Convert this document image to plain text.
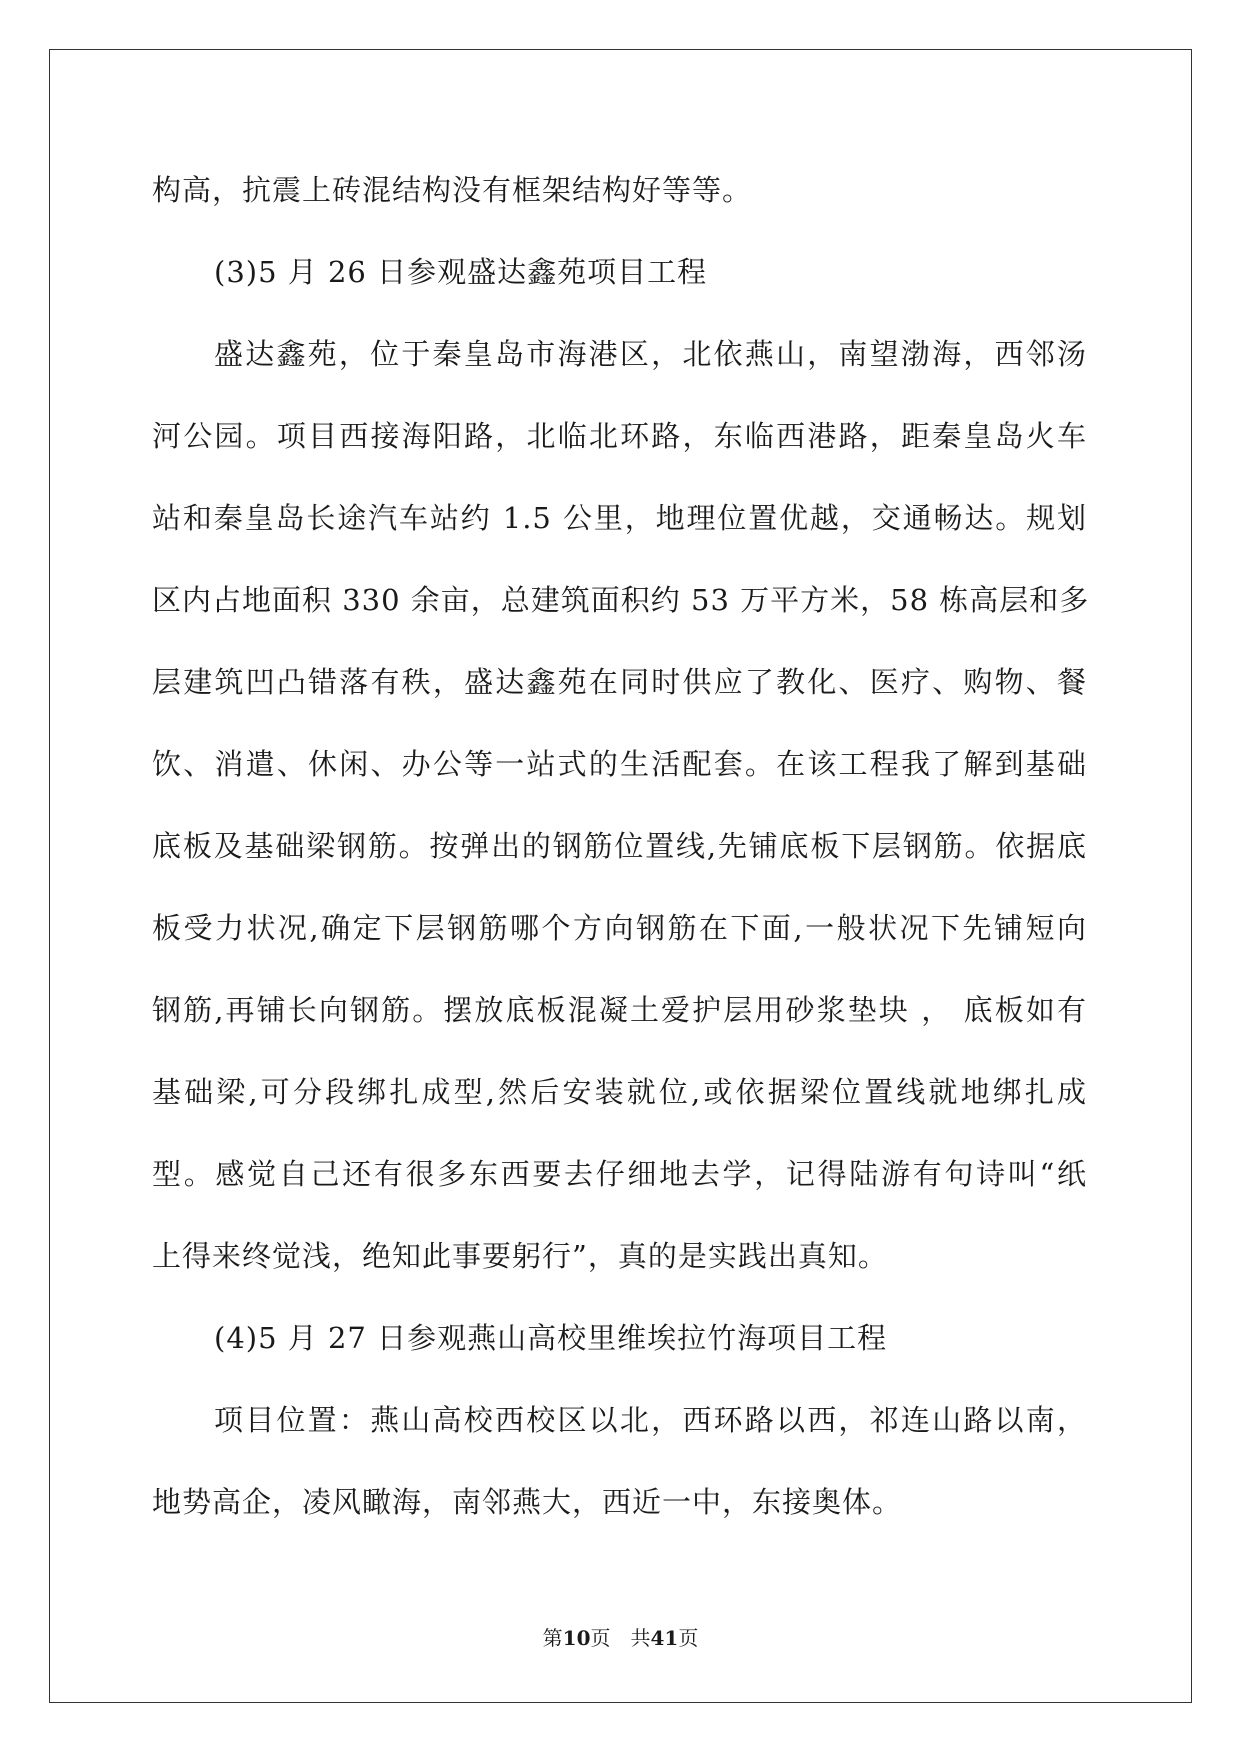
构高，抗震上砖混结构没有框架结构好等等。
(3)5 月 26 日参观盛达鑫苑项目工程
盛达鑫苑，位于秦皇岛市海港区，北依燕山，南望渤海，西邻汤
河公园。项目西接海阳路，北临北环路，东临西港路，距秦皇岛火车
站和秦皇岛长途汽车站约 1.5 公里，地理位置优越，交通畅达。规划
区内占地面积 330 余亩，总建筑面积约 53 万平方米，58 栋高层和多
层建筑凹凸错落有秩，盛达鑫苑在同时供应了教化、医疗、购物、餐
饮、消遣、休闲、办公等一站式的生活配套。在该工程我了解到基础
底板及基础梁钢筋。按弹出的钢筋位置线,先铺底板下层钢筋。依据底
板受力状况,确定下层钢筋哪个方向钢筋在下面,一般状况下先铺短向
钢筋,再铺长向钢筋。摆放底板混凝土爱护层用砂浆垫块 ， 底板如有
基础梁,可分段绑扎成型,然后安装就位,或依据梁位置线就地绑扎成
型。感觉自己还有很多东西要去仔细地去学，记得陆游有句诗叫“纸
上得来终觉浅，绝知此事要躬行”，真的是实践出真知。
(4)5 月 27 日参观燕山高校里维埃拉竹海项目工程
项目位置：燕山高校西校区以北，西环路以西，祁连山路以南，
地势高企，凌风瞰海，南邻燕大，西近一中，东接奥体。
第10页　共41页
